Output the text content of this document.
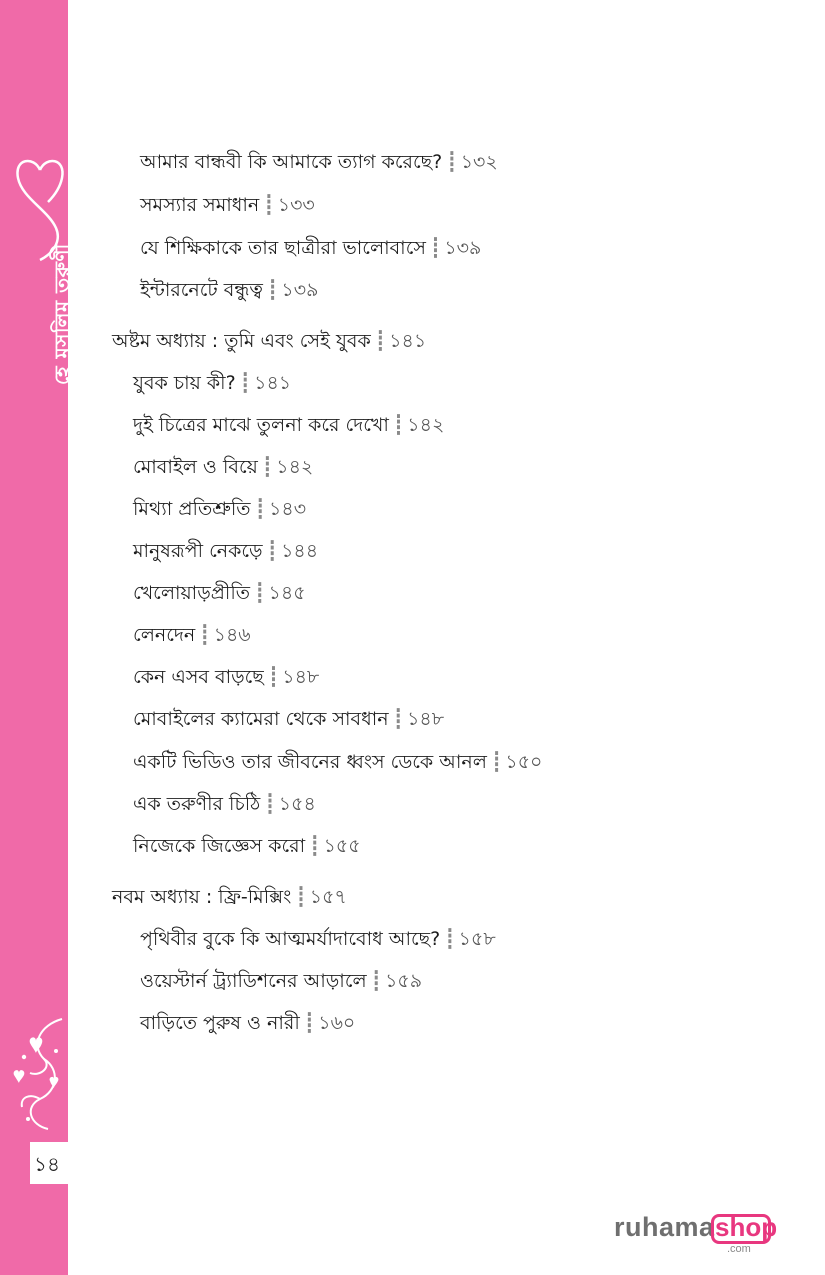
হে মুসলিম তরুণী
১৪
আমার বান্ধবী কি আমাকে ত্যাগ করেছে? ┋ ১৩২
সমস্যার সমাধান ┋ ১৩৩
যে শিক্ষিকাকে তার ছাত্রীরা ভালোবাসে ┋ ১৩৯
ইন্টারনেটে বন্ধুত্ব ┋ ১৩৯
অষ্টম অধ্যায় : তুমি এবং সেই যুবক ┋ ১৪১
যুবক চায় কী? ┋ ১৪১
দুই চিত্রের মাঝে তুলনা করে দেখো ┋ ১৪২
মোবাইল ও বিয়ে ┋ ১৪২
মিথ্যা প্রতিশ্রুতি ┋ ১৪৩
মানুষরূপী নেকড়ে ┋ ১৪৪
খেলোয়াড়প্রীতি ┋ ১৪৫
লেনদেন ┋ ১৪৬
কেন এসব বাড়ছে ┋ ১৪৮
মোবাইলের ক্যামেরা থেকে সাবধান ┋ ১৪৮
একটি ভিডিও তার জীবনের ধ্বংস ডেকে আনল ┋ ১৫০
এক তরুণীর চিঠি ┋ ১৫৪
নিজেকে জিজ্ঞেস করো ┋ ১৫৫
নবম অধ্যায় : ফ্রি-মিক্সিং ┋ ১৫৭
পৃথিবীর বুকে কি আত্মমর্যাদাবোধ আছে? ┋ ১৫৮
ওয়েস্টার্ন ট্র্যাডিশনের আড়ালে ┋ ১৫৯
বাড়িতে পুরুষ ও নারী ┋ ১৬০
ruhama shop
.com
